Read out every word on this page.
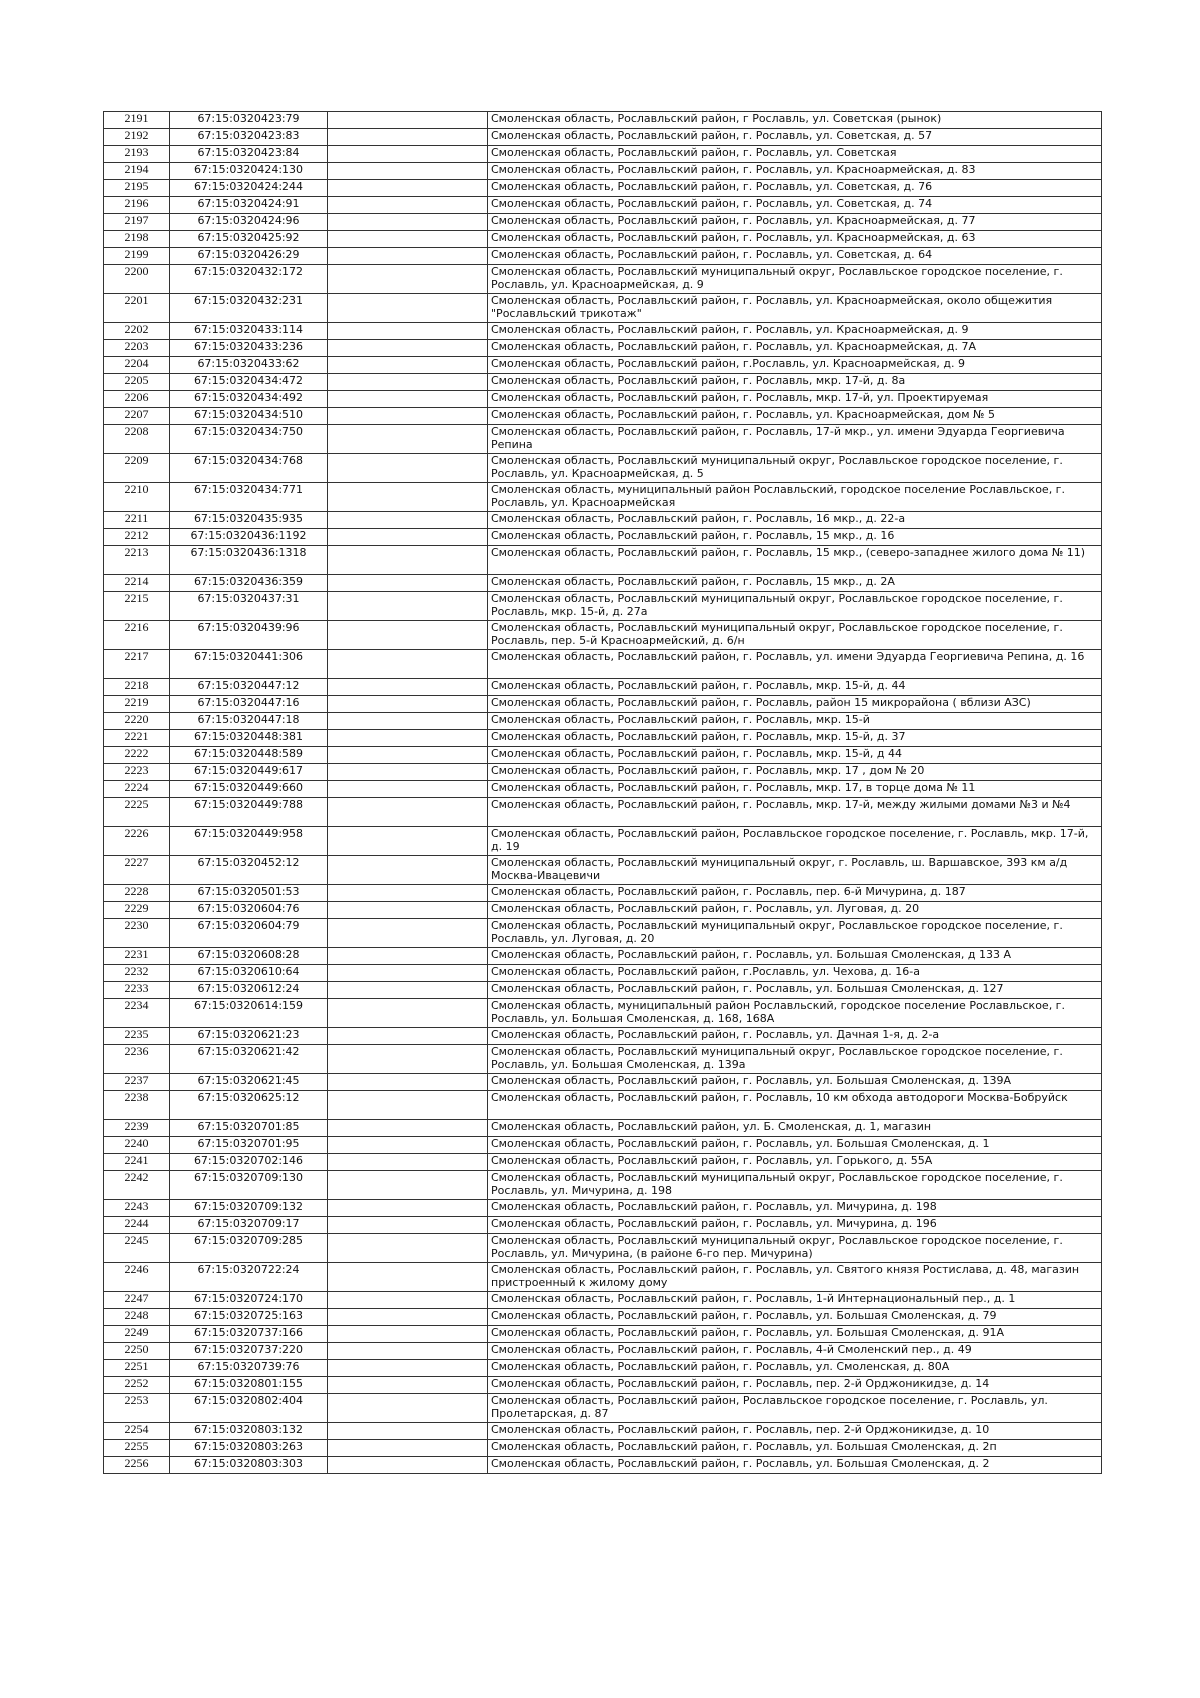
2191	67:15:0320423:79		Смоленская область, Рославльский район, г Рославль, ул. Советская (рынок)
2192	67:15:0320423:83		Смоленская область, Рославльский район, г. Рославль, ул. Советская, д. 57
2193	67:15:0320423:84		Смоленская область, Рославльский район, г. Рославль, ул. Советская
2194	67:15:0320424:130		Смоленская область, Рославльский район, г. Рославль, ул. Красноармейская, д. 83
2195	67:15:0320424:244		Смоленская область, Рославльский район, г. Рославль, ул. Советская, д. 76
2196	67:15:0320424:91		Смоленская область, Рославльский район, г. Рославль, ул. Советская, д. 74
2197	67:15:0320424:96		Смоленская область, Рославльский район, г. Рославль, ул. Красноармейская, д. 77
2198	67:15:0320425:92		Смоленская область, Рославльский район, г. Рославль, ул. Красноармейская, д. 63
2199	67:15:0320426:29		Смоленская область, Рославльский район, г. Рославль, ул. Советская, д. 64
2200	67:15:0320432:172		Смоленская область, Рославльский муниципальный округ, Рославльское городское поселение, г. Рославль, ул. Красноармейская, д. 9
2201	67:15:0320432:231		Смоленская область, Рославльский район, г. Рославль, ул. Красноармейская, около общежития "Рославльский трикотаж"
2202	67:15:0320433:114		Смоленская область, Рославльский район, г. Рославль, ул. Красноармейская, д. 9
2203	67:15:0320433:236		Смоленская область, Рославльский район, г. Рославль, ул. Красноармейская, д. 7А
2204	67:15:0320433:62		Смоленская область, Рославльский район, г.Рославль, ул. Красноармейская, д. 9
2205	67:15:0320434:472		Смоленская область, Рославльский район, г. Рославль, мкр. 17-й, д. 8а
2206	67:15:0320434:492		Смоленская область, Рославльский район, г. Рославль, мкр. 17-й, ул. Проектируемая
2207	67:15:0320434:510		Смоленская область, Рославльский район, г. Рославль, ул. Красноармейская, дом № 5
2208	67:15:0320434:750		Смоленская область, Рославльский район, г. Рославль, 17-й мкр., ул. имени Эдуарда Георгиевича Репина
2209	67:15:0320434:768		Смоленская область, Рославльский муниципальный округ, Рославльское городское поселение, г. Рославль, ул. Красноармейская, д. 5
2210	67:15:0320434:771		Смоленская область, муниципальный район Рославльский, городское поселение Рославльское, г. Рославль, ул. Красноармейская
2211	67:15:0320435:935		Смоленская область, Рославльский район, г. Рославль, 16 мкр., д. 22-а
2212	67:15:0320436:1192		Смоленская область, Рославльский район, г. Рославль, 15 мкр., д. 16
2213	67:15:0320436:1318		Смоленская область, Рославльский район, г. Рославль, 15 мкр., (северо-западнее жилого дома № 11)
2214	67:15:0320436:359		Смоленская область, Рославльский район, г. Рославль, 15 мкр., д. 2А
2215	67:15:0320437:31		Смоленская область, Рославльский муниципальный округ, Рославльское городское поселение, г. Рославль, мкр. 15-й, д. 27а
2216	67:15:0320439:96		Смоленская область, Рославльский муниципальный округ, Рославльское городское поселение, г. Рославль, пер. 5-й Красноармейский, д. 6/н
2217	67:15:0320441:306		Смоленская область, Рославльский район, г. Рославль, ул. имени Эдуарда Георгиевича Репина, д. 16
2218	67:15:0320447:12		Смоленская область, Рославльский район, г. Рославль, мкр. 15-й, д. 44
2219	67:15:0320447:16		Смоленская область, Рославльский район, г. Рославль, район 15 микрорайона ( вблизи АЗС)
2220	67:15:0320447:18		Смоленская область, Рославльский район, г. Рославль, мкр. 15-й
2221	67:15:0320448:381		Смоленская область, Рославльский район, г. Рославль, мкр. 15-й, д. 37
2222	67:15:0320448:589		Смоленская область, Рославльский район, г. Рославль, мкр. 15-й, д 44
2223	67:15:0320449:617		Смоленская область, Рославльский район, г. Рославль, мкр. 17 , дом № 20
2224	67:15:0320449:660		Смоленская область, Рославльский район, г. Рославль, мкр. 17, в торце дома № 11
2225	67:15:0320449:788		Смоленская область, Рославльский район, г. Рославль, мкр. 17-й, между жилыми домами №3 и №4
2226	67:15:0320449:958		Смоленская область, Рославльский район, Рославльское городское поселение, г. Рославль, мкр. 17-й, д. 19
2227	67:15:0320452:12		Смоленская область, Рославльский муниципальный округ, г. Рославль, ш. Варшавское, 393 км а/д Москва-Ивацевичи
2228	67:15:0320501:53		Смоленская область, Рославльский район, г. Рославль, пер. 6-й Мичурина, д. 187
2229	67:15:0320604:76		Смоленская область, Рославльский район, г. Рославль, ул. Луговая, д. 20
2230	67:15:0320604:79		Смоленская область, Рославльский муниципальный округ, Рославльское городское поселение, г. Рославль, ул. Луговая, д. 20
2231	67:15:0320608:28		Смоленская область, Рославльский район, г. Рославль, ул. Большая Смоленская, д 133 А
2232	67:15:0320610:64		Смоленская область, Рославльский район, г.Рославль, ул. Чехова, д. 16-а
2233	67:15:0320612:24		Смоленская область, Рославльский район, г. Рославль, ул. Большая Смоленская, д. 127
2234	67:15:0320614:159		Смоленская область, муниципальный район Рославльский, городское поселение Рославльское, г. Рославль, ул. Большая Смоленская, д. 168, 168А
2235	67:15:0320621:23		Смоленская область, Рославльский район, г. Рославль, ул. Дачная 1-я, д. 2-а
2236	67:15:0320621:42		Смоленская область, Рославльский муниципальный округ, Рославльское городское поселение, г. Рославль, ул. Большая Смоленская, д. 139а
2237	67:15:0320621:45		Смоленская область, Рославльский район, г. Рославль, ул. Большая Смоленская, д. 139А
2238	67:15:0320625:12		Смоленская область, Рославльский район, г. Рославль, 10 км обхода автодороги Москва-Бобруйск
2239	67:15:0320701:85		Смоленская область, Рославльский район, ул. Б. Смоленская, д. 1, магазин
2240	67:15:0320701:95		Смоленская область, Рославльский район, г. Рославль, ул. Большая Смоленская, д. 1
2241	67:15:0320702:146		Смоленская область, Рославльский район, г. Рославль, ул. Горького, д. 55А
2242	67:15:0320709:130		Смоленская область, Рославльский муниципальный округ, Рославльское городское поселение, г. Рославль, ул. Мичурина, д. 198
2243	67:15:0320709:132		Смоленская область, Рославльский район, г. Рославль, ул. Мичурина, д. 198
2244	67:15:0320709:17		Смоленская область, Рославльский район, г. Рославль, ул. Мичурина, д. 196
2245	67:15:0320709:285		Смоленская область, Рославльский муниципальный округ, Рославльское городское поселение, г. Рославль, ул. Мичурина, (в районе 6-го пер. Мичурина)
2246	67:15:0320722:24		Смоленская область, Рославльский район, г. Рославль, ул. Святого князя Ростислава, д. 48, магазин пристроенный к жилому дому
2247	67:15:0320724:170		Смоленская область, Рославльский район, г. Рославль, 1-й Интернациональный пер., д. 1
2248	67:15:0320725:163		Смоленская область, Рославльский район, г. Рославль, ул. Большая Смоленская, д. 79
2249	67:15:0320737:166		Смоленская область, Рославльский район, г. Рославль, ул. Большая Смоленская, д. 91А
2250	67:15:0320737:220		Смоленская область, Рославльский район, г. Рославль, 4-й Смоленский пер., д. 49
2251	67:15:0320739:76		Смоленская область, Рославльский район, г. Рославль, ул. Смоленская, д. 80А
2252	67:15:0320801:155		Смоленская область, Рославльский район, г. Рославль, пер. 2-й Орджоникидзе, д. 14
2253	67:15:0320802:404		Смоленская область, Рославльский район, Рославльское городское поселение, г. Рославль, ул. Пролетарская, д. 87
2254	67:15:0320803:132		Смоленская область, Рославльский район, г. Рославль, пер. 2-й Орджоникидзе, д. 10
2255	67:15:0320803:263		Смоленская область, Рославльский район, г. Рославль, ул. Большая Смоленская, д. 2п
2256	67:15:0320803:303		Смоленская область, Рославльский район, г. Рославль, ул. Большая Смоленская, д. 2
